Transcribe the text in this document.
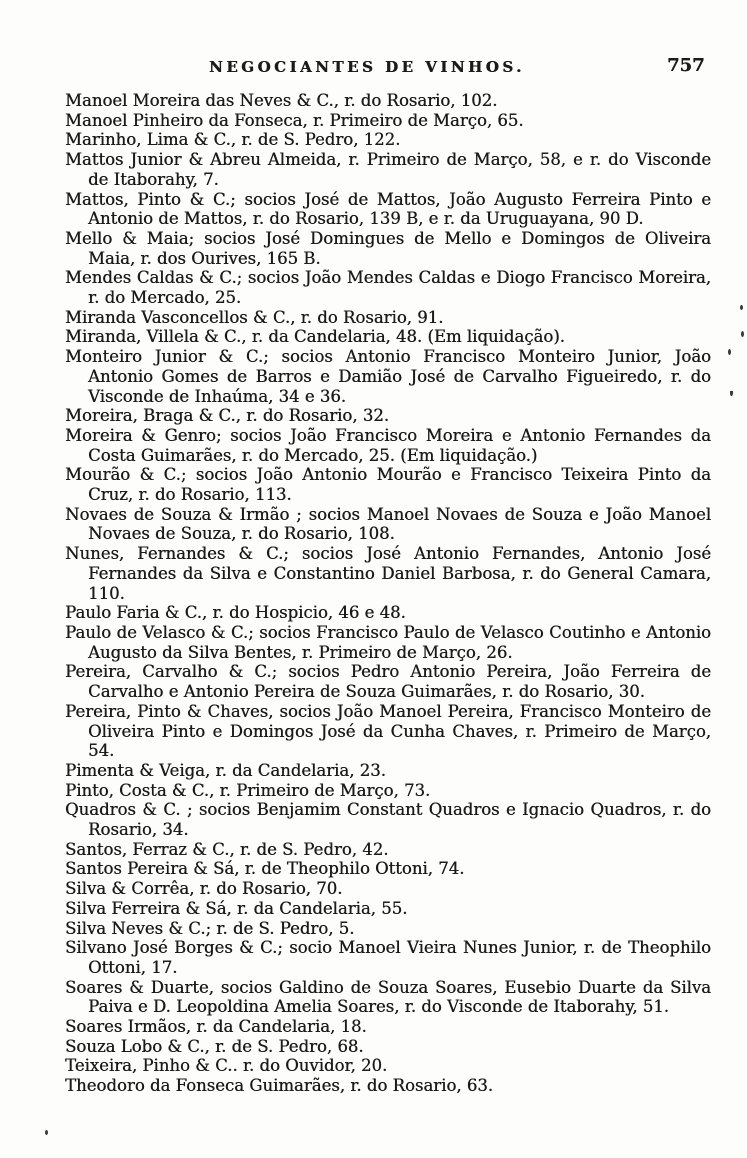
NEGOCIANTES DE VINHOS.	757

Manoel Moreira das Neves & C., r. do Rosario, 102.

Manoel Pinheiro da Fonseca, r. Primeiro de Março, 65.

Marinho, Lima & C., r. de S. Pedro, 122.

Mattos Junior & Abreu Almeida, r. Primeiro de Março, 58, e r. do Visconde de Itaborahy, 7.

Mattos, Pinto & C.; socios José de Mattos, João Augusto Ferreira Pinto e Antonio de Mattos, r. do Rosario, 139 B, e r. da Uruguayana, 90 D.

Mello & Maia; socios José Domingues de Mello e Domingos de Oliveira Maia, r. dos Ourives, 165 B.

Mendes Caldas & C.; socios João Mendes Caldas e Diogo Francisco Moreira, r. do Mercado, 25.

Miranda Vasconcellos & C., r. do Rosario, 91.

Miranda, Villela & C., r. da Candelaria, 48. (Em liquidação).

Monteiro Junior & C.; socios Antonio Francisco Monteiro Junior, João Antonio Gomes de Barros e Damião José de Carvalho Figueiredo, r. do Visconde de Inhaúma, 34 e 36.

Moreira, Braga & C., r. do Rosario, 32.

Moreira & Genro; socios João Francisco Moreira e Antonio Fernandes da Costa Guimarães, r. do Mercado, 25. (Em liquidação.)

Mourão & C.; socios João Antonio Mourão e Francisco Teixeira Pinto da Cruz, r. do Rosario, 113.

Novaes de Souza & Irmão ; socios Manoel Novaes de Souza e João Manoel Novaes de Souza, r. do Rosario, 108.

Nunes, Fernandes & C.; socios José Antonio Fernandes, Antonio José Fernandes da Silva e Constantino Daniel Barbosa, r. do General Camara, 110.

Paulo Faria & C., r. do Hospicio, 46 e 48.

Paulo de Velasco & C.; socios Francisco Paulo de Velasco Coutinho e Antonio Augusto da Silva Bentes, r. Primeiro de Março, 26.

Pereira, Carvalho & C.; socios Pedro Antonio Pereira, João Ferreira de Carvalho e Antonio Pereira de Souza Guimarães, r. do Rosario, 30.

Pereira, Pinto & Chaves, socios João Manoel Pereira, Francisco Monteiro de Oliveira Pinto e Domingos José da Cunha Chaves, r. Primeiro de Março, 54.

Pimenta & Veiga, r. da Candelaria, 23.

Pinto, Costa & C., r. Primeiro de Março, 73.

Quadros & C. ; socios Benjamim Constant Quadros e Ignacio Quadros, r. do Rosario, 34.

Santos, Ferraz & C., r. de S. Pedro, 42.

Santos Pereira & Sá, r. de Theophilo Ottoni, 74.

Silva & Corrêa, r. do Rosario, 70.

Silva Ferreira & Sá, r. da Candelaria, 55.

Silva Neves & C.; r. de S. Pedro, 5.

Silvano José Borges & C.; socio Manoel Vieira Nunes Junior, r. de Theophilo Ottoni, 17.

Soares & Duarte, socios Galdino de Souza Soares, Eusebio Duarte da Silva Paiva e D. Leopoldina Amelia Soares, r. do Visconde de Itaborahy, 51.

Soares Irmãos, r. da Candelaria, 18.

Souza Lobo & C., r. de S. Pedro, 68.

Teixeira, Pinho & C.. r. do Ouvidor, 20.

Theodoro da Fonseca Guimarães, r. do Rosario, 63.
